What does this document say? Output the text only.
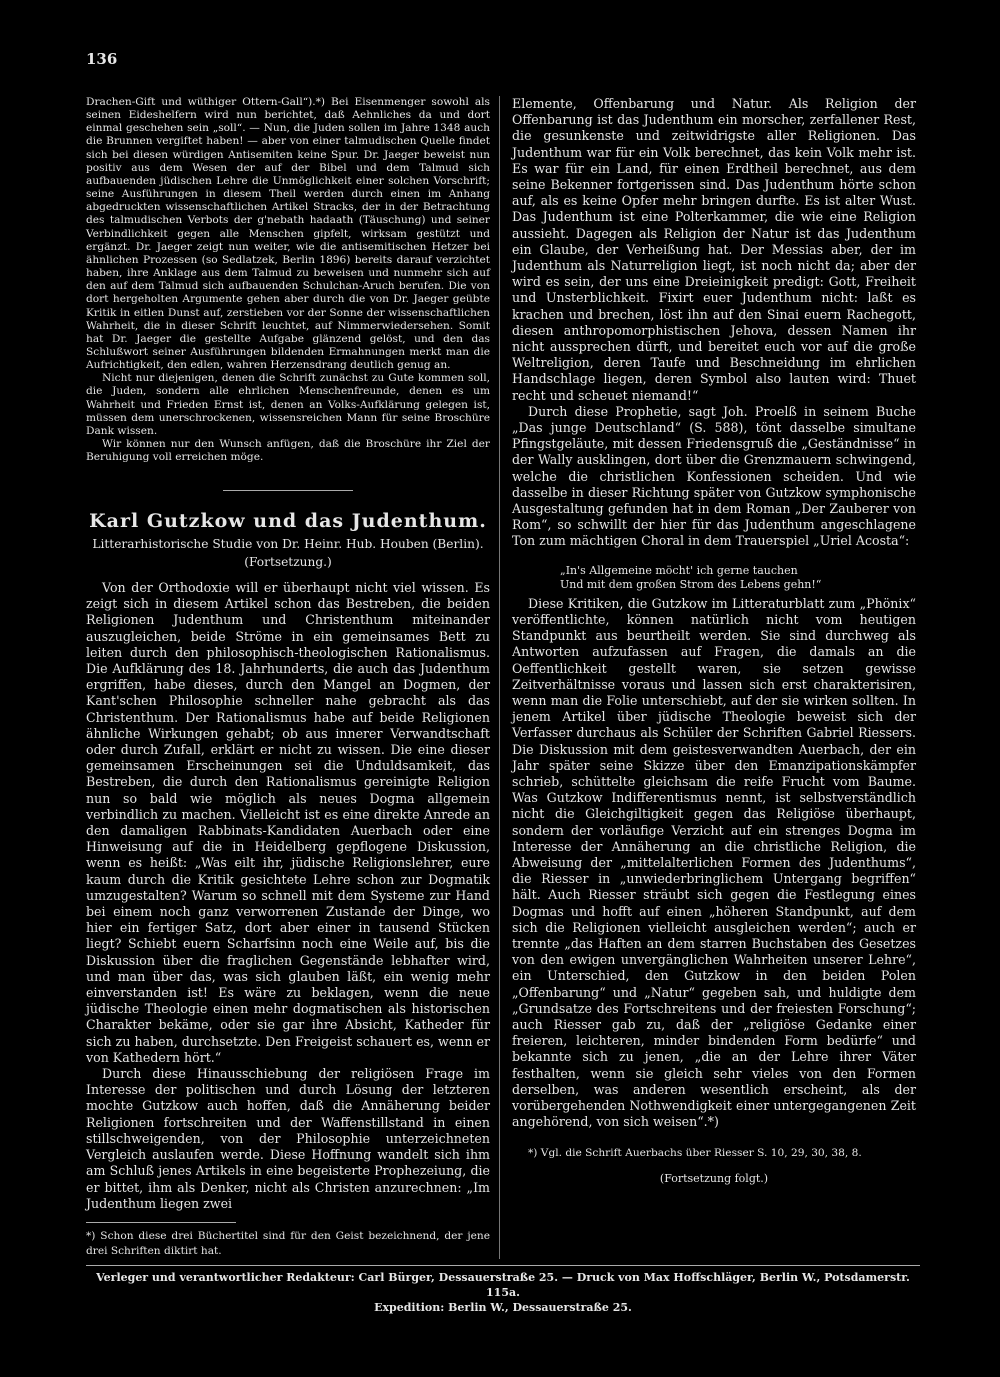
136

Drachen-Gift und wüthiger Ottern-Gall“).*) Bei Eisenmenger sowohl als seinen Eideshelfern wird nun berichtet, daß Aehnliches da und dort einmal geschehen sein „soll“. — Nun, die Juden sollen im Jahre 1348 auch die Brunnen vergiftet haben! — aber von einer talmudischen Quelle findet sich bei diesen würdigen Antisemiten keine Spur. Dr. Jaeger beweist nun positiv aus dem Wesen der auf der Bibel und dem Talmud sich aufbauenden jüdischen Lehre die Unmöglichkeit einer solchen Vorschrift; seine Ausführungen in diesem Theil werden durch einen im Anhang abgedruckten wissenschaftlichen Artikel Stracks, der in der Betrachtung des talmudischen Verbots der g'nebath hadaath (Täuschung) und seiner Verbindlichkeit gegen alle Menschen gipfelt, wirksam gestützt und ergänzt. Dr. Jaeger zeigt nun weiter, wie die antisemitischen Hetzer bei ähnlichen Prozessen (so Sedlatzek, Berlin 1896) bereits darauf verzichtet haben, ihre Anklage aus dem Talmud zu beweisen und nunmehr sich auf den auf dem Talmud sich aufbauenden Schulchan-Aruch berufen. Die von dort hergeholten Argumente gehen aber durch die von Dr. Jaeger geübte Kritik in eitlen Dunst auf, zerstieben vor der Sonne der wissenschaftlichen Wahrheit, die in dieser Schrift leuchtet, auf Nimmerwiedersehen. Somit hat Dr. Jaeger die gestellte Aufgabe glänzend gelöst, und den das Schlußwort seiner Ausführungen bildenden Ermahnungen merkt man die Aufrichtigkeit, den edlen, wahren Herzensdrang deutlich genug an.

Nicht nur diejenigen, denen die Schrift zunächst zu Gute kommen soll, die Juden, sondern alle ehrlichen Menschenfreunde, denen es um Wahrheit und Frieden Ernst ist, denen an Volks-Aufklärung gelegen ist, müssen dem unerschrockenen, wissensreichen Mann für seine Broschüre Dank wissen.

Wir können nur den Wunsch anfügen, daß die Broschüre ihr Ziel der Beruhigung voll erreichen möge.

Karl Gutzkow und das Judenthum.
Litterarhistorische Studie von Dr. Heinr. Hub. Houben (Berlin).
(Fortsetzung.)

Von der Orthodoxie will er überhaupt nicht viel wissen. Es zeigt sich in diesem Artikel schon das Bestreben, die beiden Religionen Judenthum und Christenthum miteinander auszugleichen, beide Ströme in ein gemeinsames Bett zu leiten durch den philosophisch-theologischen Rationalismus. Die Aufklärung des 18. Jahrhunderts, die auch das Judenthum ergriffen, habe dieses, durch den Mangel an Dogmen, der Kant'schen Philosophie schneller nahe gebracht als das Christenthum. Der Rationalismus habe auf beide Religionen ähnliche Wirkungen gehabt; ob aus innerer Verwandtschaft oder durch Zufall, erklärt er nicht zu wissen. Die eine dieser gemeinsamen Erscheinungen sei die Unduldsamkeit, das Bestreben, die durch den Rationalismus gereinigte Religion nun so bald wie möglich als neues Dogma allgemein verbindlich zu machen. Vielleicht ist es eine direkte Anrede an den damaligen Rabbinats-Kandidaten Auerbach oder eine Hinweisung auf die in Heidelberg gepflogene Diskussion, wenn es heißt: „Was eilt ihr, jüdische Religionslehrer, eure kaum durch die Kritik gesichtete Lehre schon zur Dogmatik umzugestalten? Warum so schnell mit dem Systeme zur Hand bei einem noch ganz verworrenen Zustande der Dinge, wo hier ein fertiger Satz, dort aber einer in tausend Stücken liegt? Schiebt euern Scharfsinn noch eine Weile auf, bis die Diskussion über die fraglichen Gegenstände lebhafter wird, und man über das, was sich glauben läßt, ein wenig mehr einverstanden ist! Es wäre zu beklagen, wenn die neue jüdische Theologie einen mehr dogmatischen als historischen Charakter bekäme, oder sie gar ihre Absicht, Katheder für sich zu haben, durchsetzte. Den Freigeist schauert es, wenn er von Kathedern hört.“

Durch diese Hinausschiebung der religiösen Frage im Interesse der politischen und durch Lösung der letzteren mochte Gutzkow auch hoffen, daß die Annäherung beider Religionen fortschreiten und der Waffenstillstand in einen stillschweigenden, von der Philosophie unterzeichneten Vergleich auslaufen werde. Diese Hoffnung wandelt sich ihm am Schluß jenes Artikels in eine begeisterte Prophezeiung, die er bittet, ihm als Denker, nicht als Christen anzurechnen: „Im Judenthum liegen zwei

*) Schon diese drei Büchertitel sind für den Geist bezeichnend, der jene drei Schriften diktirt hat.

Elemente, Offenbarung und Natur. Als Religion der Offenbarung ist das Judenthum ein morscher, zerfallener Rest, die gesunkenste und zeitwidrigste aller Religionen. Das Judenthum war für ein Volk berechnet, das kein Volk mehr ist. Es war für ein Land, für einen Erdtheil berechnet, aus dem seine Bekenner fortgerissen sind. Das Judenthum hörte schon auf, als es keine Opfer mehr bringen durfte. Es ist alter Wust. Das Judenthum ist eine Polterkammer, die wie eine Religion aussieht. Dagegen als Religion der Natur ist das Judenthum ein Glaube, der Verheißung hat. Der Messias aber, der im Judenthum als Naturreligion liegt, ist noch nicht da; aber der wird es sein, der uns eine Dreieinigkeit predigt: Gott, Freiheit und Unsterblichkeit. Fixirt euer Judenthum nicht: laßt es krachen und brechen, löst ihn auf den Sinai euern Rachegott, diesen anthropomorphistischen Jehova, dessen Namen ihr nicht aussprechen dürft, und bereitet euch vor auf die große Weltreligion, deren Taufe und Beschneidung im ehrlichen Handschlage liegen, deren Symbol also lauten wird: Thuet recht und scheuet niemand!“

Durch diese Prophetie, sagt Joh. Proelß in seinem Buche „Das junge Deutschland“ (S. 588), tönt dasselbe simultane Pfingstgeläute, mit dessen Friedensgruß die „Geständnisse“ in der Wally ausklingen, dort über die Grenzmauern schwingend, welche die christlichen Konfessionen scheiden. Und wie dasselbe in dieser Richtung später von Gutzkow symphonische Ausgestaltung gefunden hat in dem Roman „Der Zauberer von Rom“, so schwillt der hier für das Judenthum angeschlagene Ton zum mächtigen Choral in dem Trauerspiel „Uriel Acosta“:

„In's Allgemeine möcht' ich gerne tauchen
Und mit dem großen Strom des Lebens gehn!“

Diese Kritiken, die Gutzkow im Litteraturblatt zum „Phönix“ veröffentlichte, können natürlich nicht vom heutigen Standpunkt aus beurtheilt werden. Sie sind durchweg als Antworten aufzufassen auf Fragen, die damals an die Oeffentlichkeit gestellt waren, sie setzen gewisse Zeitverhältnisse voraus und lassen sich erst charakterisiren, wenn man die Folie unterschiebt, auf der sie wirken sollten. In jenem Artikel über jüdische Theologie beweist sich der Verfasser durchaus als Schüler der Schriften Gabriel Riessers. Die Diskussion mit dem geistesverwandten Auerbach, der ein Jahr später seine Skizze über den Emanzipationskämpfer schrieb, schüttelte gleichsam die reife Frucht vom Baume. Was Gutzkow Indifferentismus nennt, ist selbstverständlich nicht die Gleichgiltigkeit gegen das Religiöse überhaupt, sondern der vorläufige Verzicht auf ein strenges Dogma im Interesse der Annäherung an die christliche Religion, die Abweisung der „mittelalterlichen Formen des Judenthums“, die Riesser in „unwiederbringlichem Untergang begriffen“ hält. Auch Riesser sträubt sich gegen die Festlegung eines Dogmas und hofft auf einen „höheren Standpunkt, auf dem sich die Religionen vielleicht ausgleichen werden“; auch er trennte „das Haften an dem starren Buchstaben des Gesetzes von den ewigen unvergänglichen Wahrheiten unserer Lehre“, ein Unterschied, den Gutzkow in den beiden Polen „Offenbarung“ und „Natur“ gegeben sah, und huldigte dem „Grundsatze des Fortschreitens und der freiesten Forschung“; auch Riesser gab zu, daß der „religiöse Gedanke einer freieren, leichteren, minder bindenden Form bedürfe“ und bekannte sich zu jenen, „die an der Lehre ihrer Väter festhalten, wenn sie gleich sehr vieles von den Formen derselben, was anderen wesentlich erscheint, als der vorübergehenden Nothwendigkeit einer untergegangenen Zeit angehörend, von sich weisen“.*)

*) Vgl. die Schrift Auerbachs über Riesser S. 10, 29, 30, 38, 8.
(Fortsetzung folgt.)
Verleger und verantwortlicher Redakteur: Carl Bürger, Dessauerstraße 25. — Druck von Max Hoffschläger, Berlin W., Potsdamerstr. 115a.
Expedition: Berlin W., Dessauerstraße 25.
